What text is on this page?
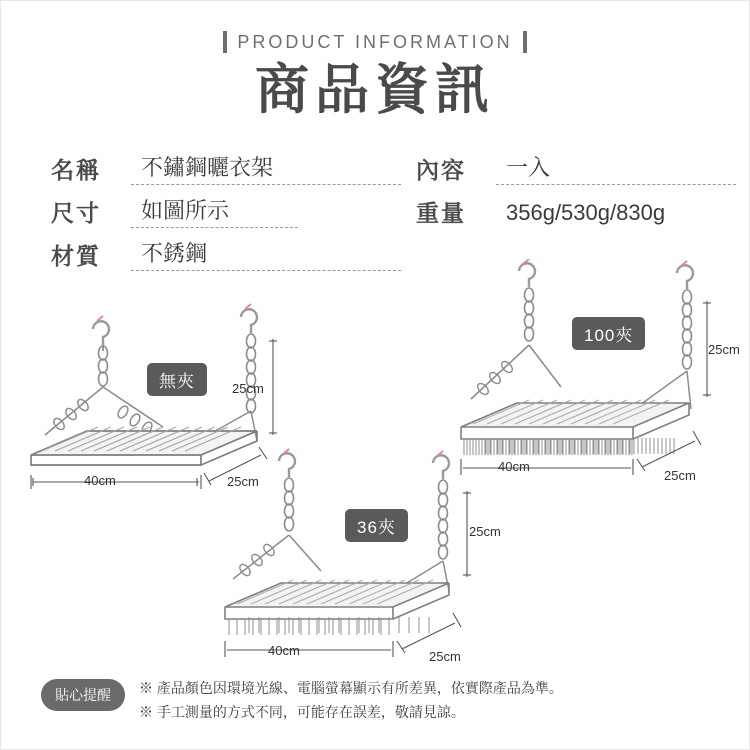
PRODUCT INFORMATION
商品資訊
名稱	不鏽鋼曬衣架
尺寸	如圖所示
材質	不銹鋼
內容	一入
重量	356g/530g/830g
無夾
100夾
36夾
40cm	25cm
25cm
40cm
25cm
25cm
40cm	25cm
25cm
貼心提醒	※ 產品顏色因環境光線、電腦螢幕顯示有所差異，依實際產品為準。
※ 手工測量的方式不同，可能存在誤差，敬請見諒。
